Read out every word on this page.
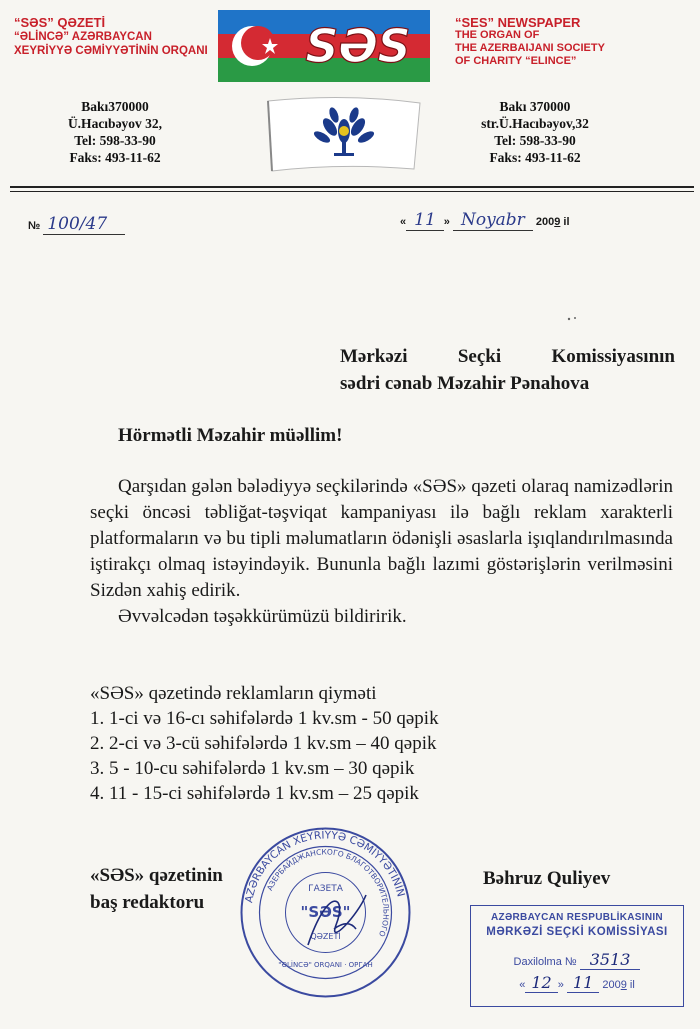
“SƏS” QƏZETİ
“ƏLİNCƏ” AZƏRBAYCAN
XEYRİYYƏ CƏMİYYƏTİNİN ORQANI SƏS	“SES” NEWSPAPER
THE ORGAN OF
THE AZERBAIJANI SOCIETY
OF CHARITY “ELINCE”
Bakı370000
Ü.Hacıbəyov 32,
Tel: 598-33-90
Faks: 493-11-62
Bakı 370000
str.Ü.Hacıbəyov,32
Tel: 598-33-90
Faks: 493-11-62
№ 100/47	« 11 » Noyabr 2009 il
Mərkəzi	Seçki	Komissiyasının
sədri cənab Məzahir Pənahova
Hörmətli Məzahir müəllim!

Qarşıdan gələn bələdiyyə seçkilərində «SƏS» qəzeti olaraq namizədlərin seçki öncəsi təbliğat-təşviqat kampaniyası ilə bağlı reklam xarakterli platformaların və bu tipli məlumatların ödənişli əsaslarla işıqlandırılmasında iştirakçı olmaq istəyindəyik. Bununla bağlı lazımi göstərişlərin verilməsini Sizdən xahiş edirik.

Əvvəlcədən təşəkkürümüzü bildiririk.

«SƏS» qəzetində reklamların qiyməti
1. 1-ci və 16-cı səhifələrdə 1 kv.sm - 50 qəpik
2. 2-ci və 3-cü səhifələrdə 1 kv.sm – 40 qəpik
3. 5 - 10-cu səhifələrdə 1 kv.sm – 30 qəpik
4. 11 - 15-ci səhifələrdə 1 kv.sm – 25 qəpik
«SƏS» qəzetinin
baş redaktoru
Bəhruz Quliyev
AZƏRBAYCAN XEYRİYYƏ CƏMİYYƏTİNİN
АЗЕРБАЙДЖАНСКОГО БЛАГОТВОРИТЕЛЬНОГО
ГАЗЕТА
"SƏS"
QƏZETİ
"ƏLİNCƏ" ORQANI · ОРГАН
AZƏRBAYCAN RESPUBLİKASININ
MƏRKƏZİ SEÇKİ KOMİSSİYASI
Daxilolma № 3513
« 12 » 11 2009 il
